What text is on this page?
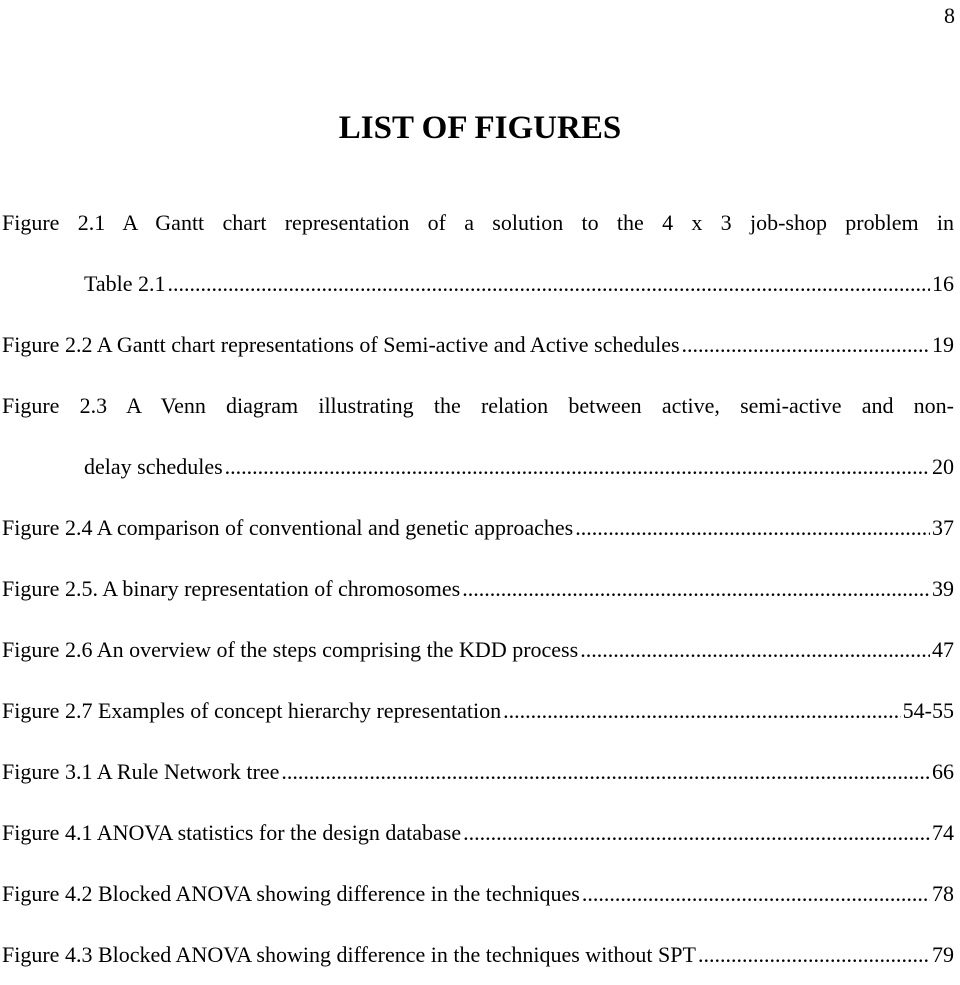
8
LIST OF FIGURES
Figure 2.1 A Gantt chart representation of a solution to the 4 x 3 job-shop problem in
Table 2.1 .....	16
Figure 2.2 A Gantt chart representations of Semi-active and Active schedules .....	19
Figure 2.3 A Venn diagram illustrating the relation between active, semi-active and non-
delay schedules .....	20
Figure 2.4 A comparison of conventional and genetic approaches .....	37
Figure 2.5. A binary representation of chromosomes .....	39
Figure 2.6 An overview of the steps comprising the KDD process .....	47
Figure 2.7 Examples of concept hierarchy representation .....	54-55
Figure 3.1 A Rule Network tree .....	66
Figure 4.1 ANOVA statistics for the design database .....	74
Figure 4.2 Blocked ANOVA showing difference in the techniques .....	78
Figure 4.3 Blocked ANOVA showing difference in the techniques without SPT .....	79
